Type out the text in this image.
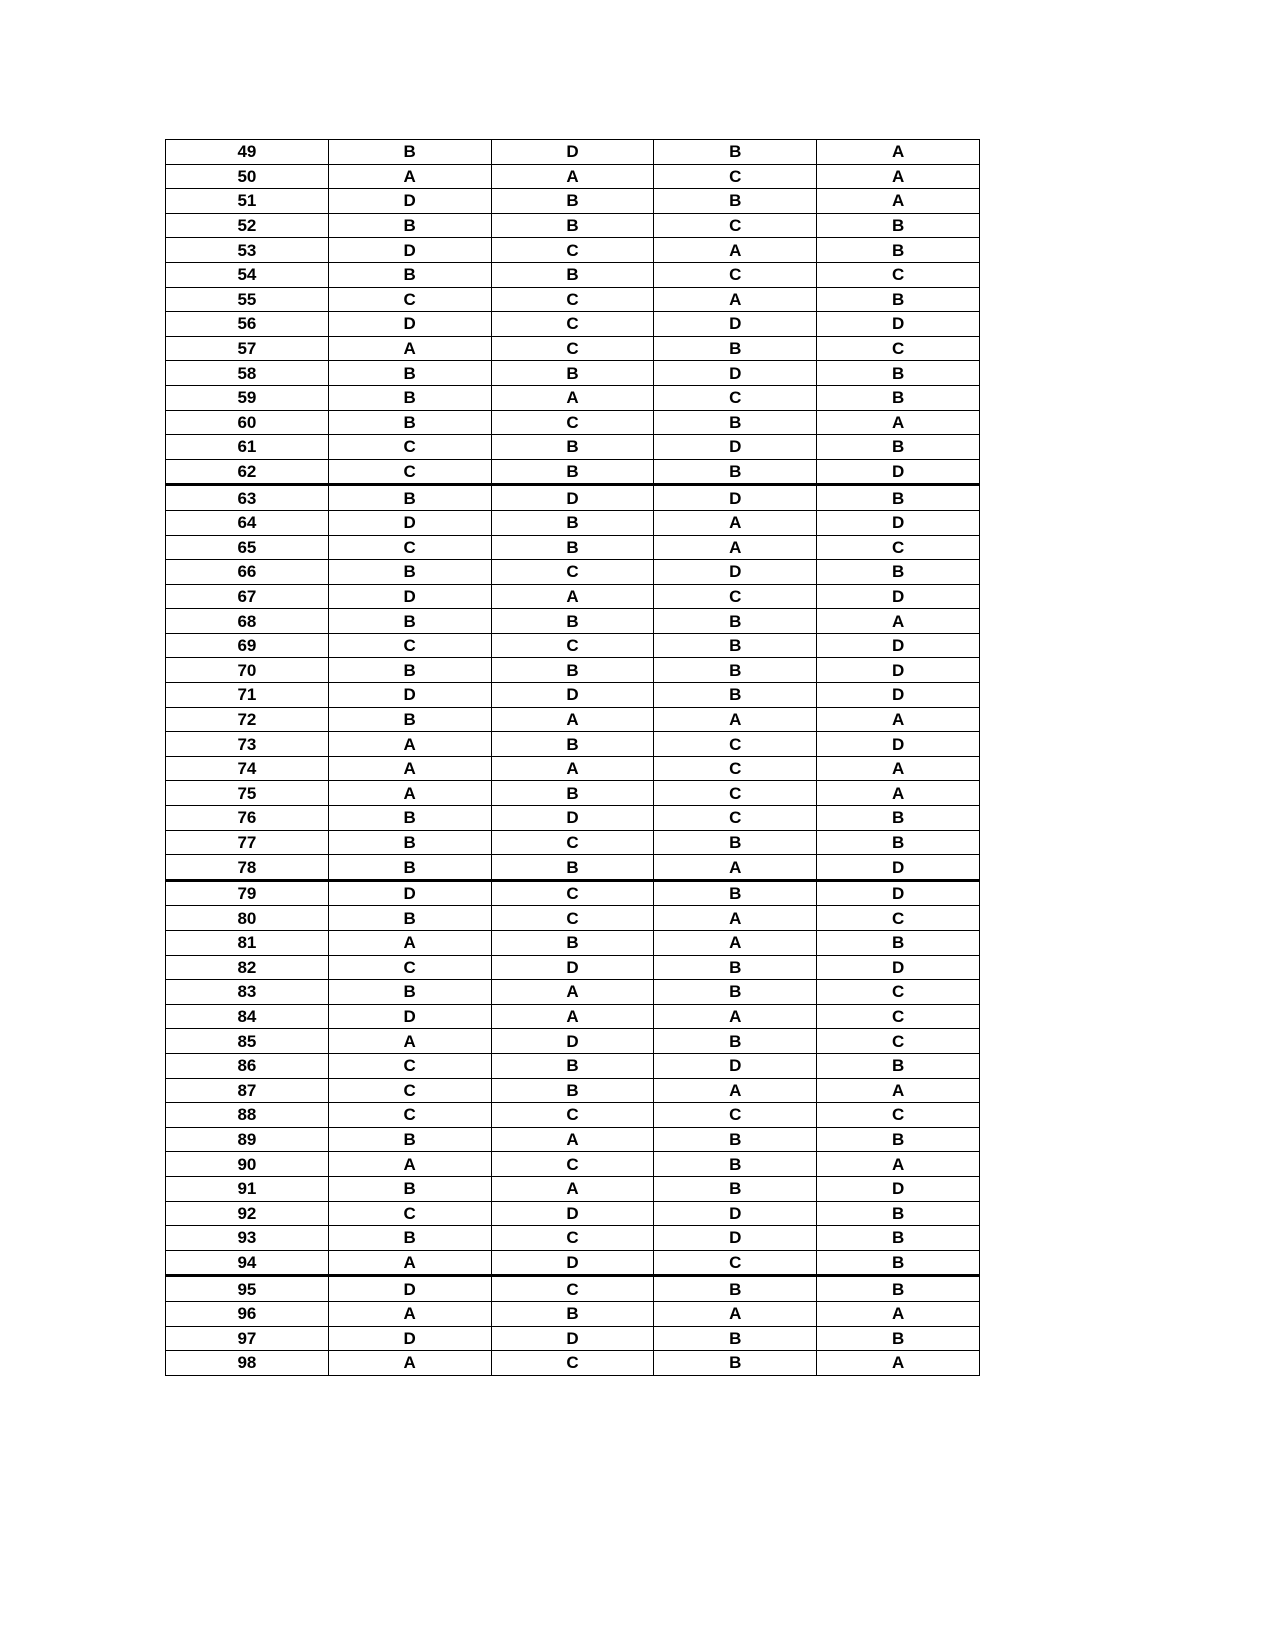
49	B	D	B	A
50	A	A	C	A
51	D	B	B	A
52	B	B	C	B
53	D	C	A	B
54	B	B	C	C
55	C	C	A	B
56	D	C	D	D
57	A	C	B	C
58	B	B	D	B
59	B	A	C	B
60	B	C	B	A
61	C	B	D	B
62	C	B	B	D
63	B	D	D	B
64	D	B	A	D
65	C	B	A	C
66	B	C	D	B
67	D	A	C	D
68	B	B	B	A
69	C	C	B	D
70	B	B	B	D
71	D	D	B	D
72	B	A	A	A
73	A	B	C	D
74	A	A	C	A
75	A	B	C	A
76	B	D	C	B
77	B	C	B	B
78	B	B	A	D
79	D	C	B	D
80	B	C	A	C
81	A	B	A	B
82	C	D	B	D
83	B	A	B	C
84	D	A	A	C
85	A	D	B	C
86	C	B	D	B
87	C	B	A	A
88	C	C	C	C
89	B	A	B	B
90	A	C	B	A
91	B	A	B	D
92	C	D	D	B
93	B	C	D	B
94	A	D	C	B
95	D	C	B	B
96	A	B	A	A
97	D	D	B	B
98	A	C	B	A
